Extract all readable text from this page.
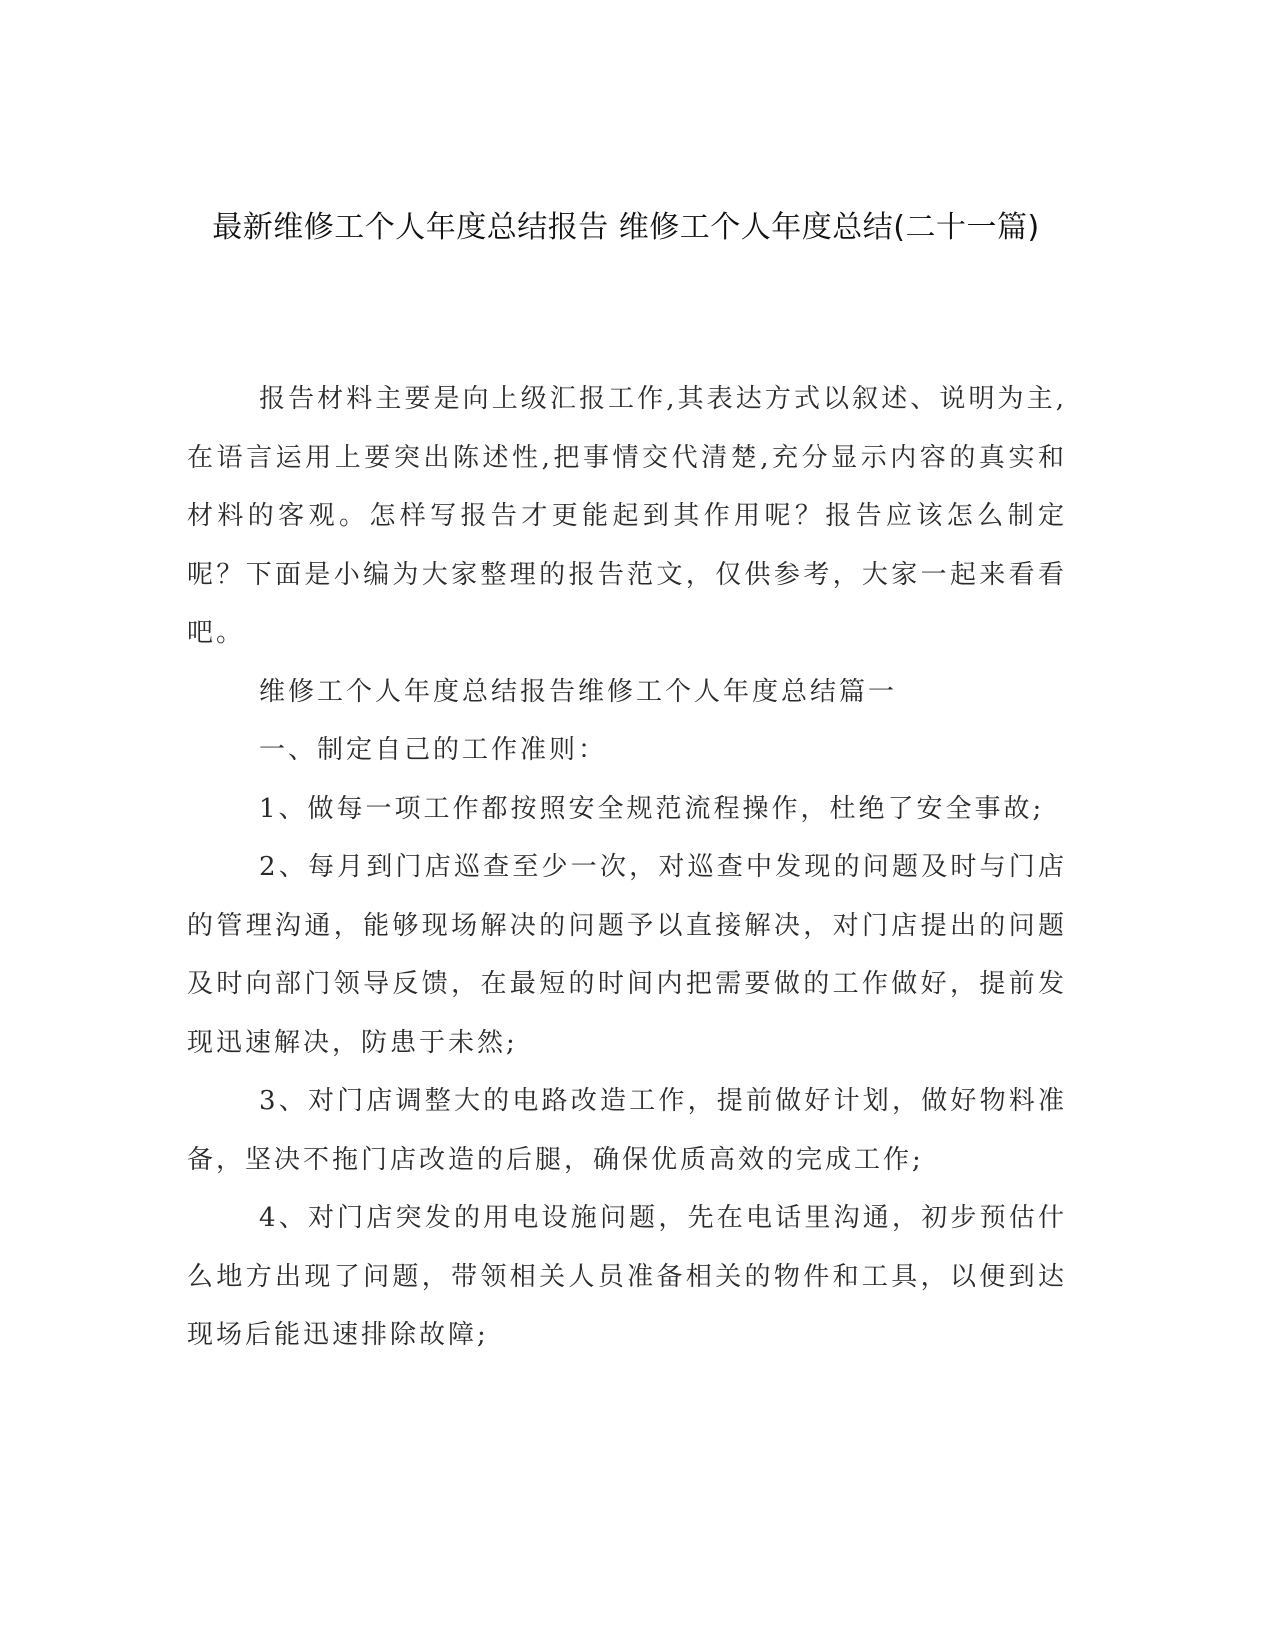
最新维修工个人年度总结报告 维修工个人年度总结(二十一篇)

报告材料主要是向上级汇报工作,其表达方式以叙述、说明为主,在语言运用上要突出陈述性,把事情交代清楚,充分显示内容的真实和材料的客观。怎样写报告才更能起到其作用呢？报告应该怎么制定呢？下面是小编为大家整理的报告范文，仅供参考，大家一起来看看吧。

维修工个人年度总结报告维修工个人年度总结篇一

一、制定自己的工作准则：

1、做每一项工作都按照安全规范流程操作，杜绝了安全事故;

2、每月到门店巡查至少一次，对巡查中发现的问题及时与门店的管理沟通，能够现场解决的问题予以直接解决，对门店提出的问题及时向部门领导反馈，在最短的时间内把需要做的工作做好，提前发现迅速解决，防患于未然;

3、对门店调整大的电路改造工作，提前做好计划，做好物料准备，坚决不拖门店改造的后腿，确保优质高效的完成工作;

4、对门店突发的用电设施问题，先在电话里沟通，初步预估什么地方出现了问题，带领相关人员准备相关的物件和工具，以便到达现场后能迅速排除故障;
